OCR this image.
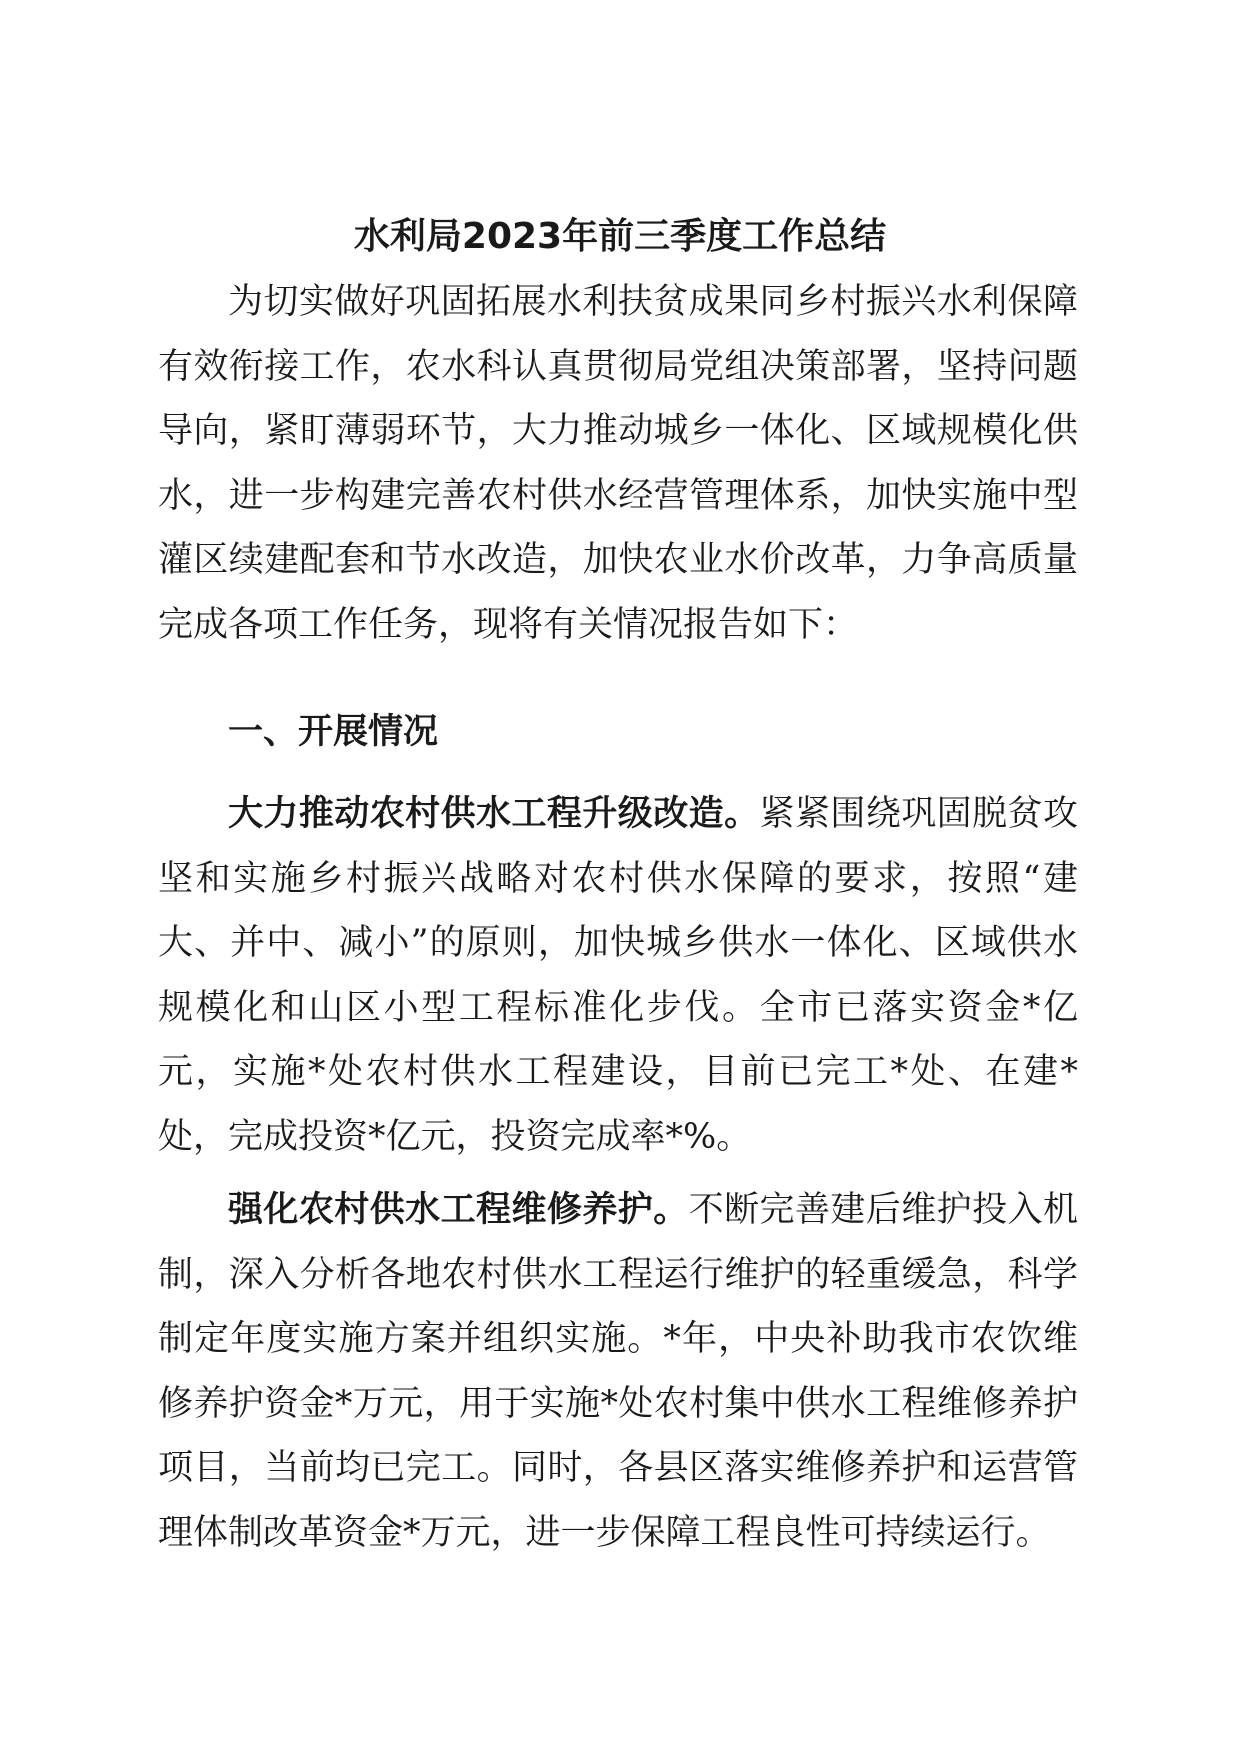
水利局2023年前三季度工作总结

为切实做好巩固拓展水利扶贫成果同乡村振兴水利保障有效衔接工作，农水科认真贯彻局党组决策部署，坚持问题导向，紧盯薄弱环节，大力推动城乡一体化、区域规模化供水，进一步构建完善农村供水经营管理体系，加快实施中型灌区续建配套和节水改造，加快农业水价改革，力争高质量完成各项工作任务，现将有关情况报告如下：

一、开展情况

大力推动农村供水工程升级改造。紧紧围绕巩固脱贫攻坚和实施乡村振兴战略对农村供水保障的要求，按照“建大、并中、减小”的原则，加快城乡供水一体化、区域供水规模化和山区小型工程标准化步伐。全市已落实资金*亿元，实施*处农村供水工程建设，目前已完工*处、在建*处，完成投资*亿元，投资完成率*%。

强化农村供水工程维修养护。不断完善建后维护投入机制，深入分析各地农村供水工程运行维护的轻重缓急，科学制定年度实施方案并组织实施。*年，中央补助我市农饮维修养护资金*万元，用于实施*处农村集中供水工程维修养护项目，当前均已完工。同时，各县区落实维修养护和运营管理体制改革资金*万元，进一步保障工程良性可持续运行。
